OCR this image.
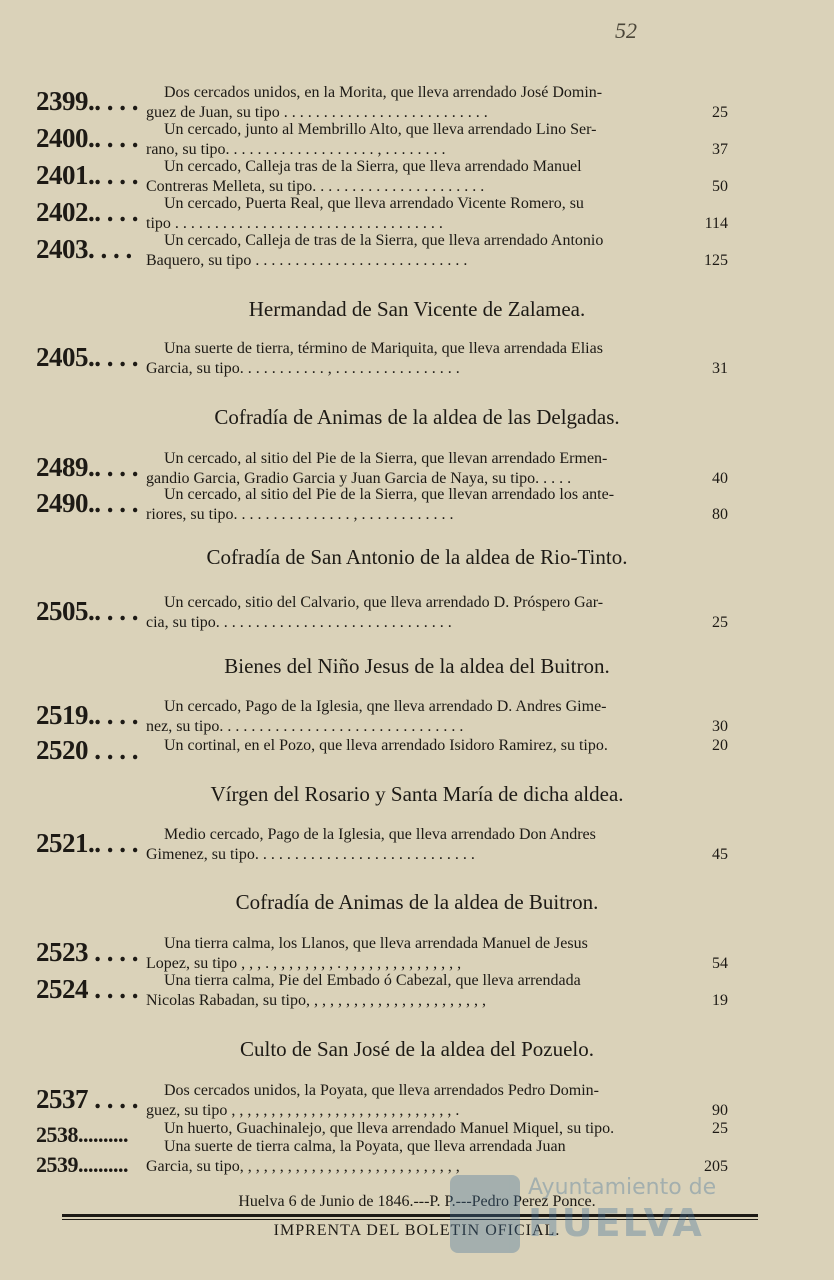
52
2399.. . . . Dos cercados unidos, en la Morita, que lleva arrendado José Domin-
guez de Juan, su tipo . . . . . . . . . . . . . . . . . . . . . . . . . .	25
2400.. . . . Un cercado, junto al Membrillo Alto, que lleva arrendado Lino Ser-
rano, su tipo. . . . . . . . . . . . . . . . . . . , . . . . . . . .	37
2401.. . . . Un cercado, Calleja tras de la Sierra, que lleva arrendado Manuel
Contreras Melleta, su tipo. . . . . . . . . . . . . . . . . . . . . .	50
2402.. . . . Un cercado, Puerta Real, que lleva arrendado Vicente Romero, su
tipo . . . . . . . . . . . . . . . . . . . . . . . . . . . . . . . . . .	114
2403. . . . Un cercado, Calleja de tras de la Sierra, que lleva arrendado Antonio
Baquero, su tipo . . . . . . . . . . . . . . . . . . . . . . . . . . .	125
Hermandad de San Vicente de Zalamea.
2405.. . . . Una suerte de tierra, término de Mariquita, que lleva arrendada Elias
Garcia, su tipo. . . . . . . . . . . , . . . . . . . . . . . . . . . .	31
Cofradía de Animas de la aldea de las Delgadas.
2489.. . . . Un cercado, al sitio del Pie de la Sierra, que llevan arrendado Ermen-
gandio Garcia, Gradio Garcia y Juan Garcia de Naya, su tipo. . . . .	40
2490.. . . . Un cercado, al sitio del Pie de la Sierra, que llevan arrendado los ante-
riores, su tipo. . . . . . . . . . . . . . . , . . . . . . . . . . . .	80
Cofradía de San Antonio de la aldea de Rio-Tinto.
2505.. . . . Un cercado, sitio del Calvario, que lleva arrendado D. Próspero Gar-
cia, su tipo. . . . . . . . . . . . . . . . . . . . . . . . . . . . . .	25
Bienes del Niño Jesus de la aldea del Buitron.
2519.. . . . Un cercado, Pago de la Iglesia, qne lleva arrendado D. Andres Gime-
nez, su tipo. . . . . . . . . . . . . . . . . . . . . . . . . . . . . . .	30
2520 . . . . Un cortinal, en el Pozo, que lleva arrendado Isidoro Ramirez, su tipo.	20
Vírgen del Rosario y Santa María de dicha aldea.
2521.. . . . Medio cercado, Pago de la Iglesia, que lleva arrendado Don Andres
Gimenez, su tipo. . . . . . . . . . . . . . . . . . . . . . . . . . . .	45
Cofradía de Animas de la aldea de Buitron.
2523 . . . . Una tierra calma, los Llanos, que lleva arrendada Manuel de Jesus
Lopez, su tipo , , , . , , , , , , , , . , , , , , , , , , , , , , , ,	54
2524 . . . . Una tierra calma, Pie del Embado ó Cabezal, que lleva arrendada
Nicolas Rabadan, su tipo, , , , , , , , , , , , , , , , , , , , , , ,	19
Culto de San José de la aldea del Pozuelo.
2537 . . . . Dos cercados unidos, la Poyata, que lleva arrendados Pedro Domin-
guez, su tipo , , , , , , , , , , , , , , , , , , , , , , , , , , , , .	90
2538.......... Un huerto, Guachinalejo, que lleva arrendado Manuel Miquel, su tipo.	25
2539..........
Una suerte de tierra calma, la Poyata, que lleva arrendada Juan
Garcia, su tipo, , , , , , , , , , , , , , , , , , , , , , , , , , , ,	205
Huelva 6 de Junio de 1846.---P. P.---Pedro Perez Ponce.
IMPRENTA DEL BOLETIN OFICIAL.
Ayuntamiento de
HUELVA
